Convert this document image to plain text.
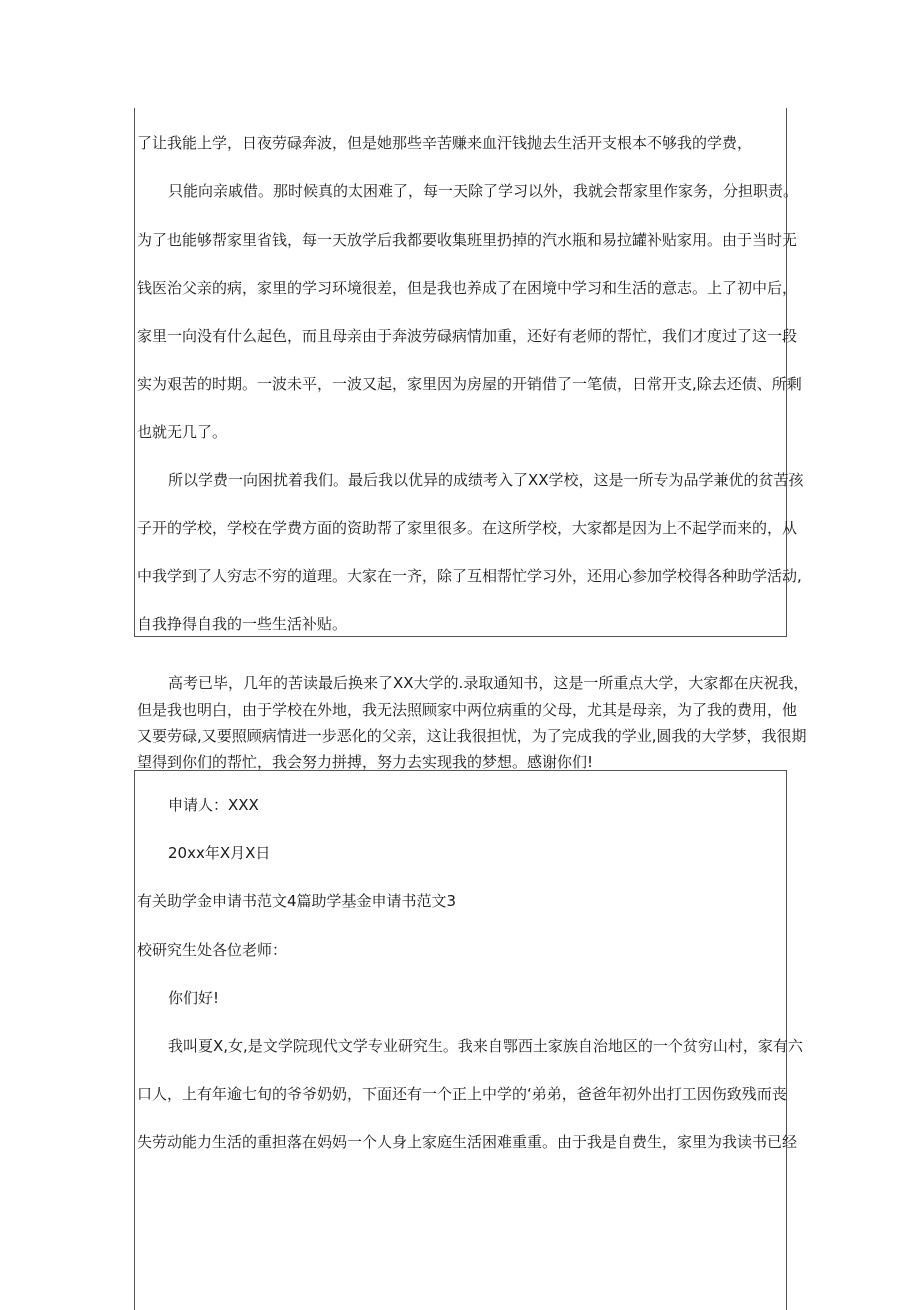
了让我能上学，日夜劳碌奔波，但是她那些辛苦赚来血汗钱抛去生活开支根本不够我的学费，
只能向亲戚借。那时候真的太困难了，每一天除了学习以外，我就会帮家里作家务，分担职责。
为了也能够帮家里省钱，每一天放学后我都要收集班里扔掉的汽水瓶和易拉罐补贴家用。由于当时无
钱医治父亲的病，家里的学习环境很差，但是我也养成了在困境中学习和生活的意志。上了初中后，
家里一向没有什么起色，而且母亲由于奔波劳碌病情加重，还好有老师的帮忙，我们才度过了这一段
实为艰苦的时期。一波未平，一波又起，家里因为房屋的开销借了一笔债，日常开支,除去还债、所剩
也就无几了。
所以学费一向困扰着我们。最后我以优异的成绩考入了XX学校，这是一所专为品学兼优的贫苦孩
子开的学校，学校在学费方面的资助帮了家里很多。在这所学校，大家都是因为上不起学而来的，从
中我学到了人穷志不穷的道理。大家在一齐，除了互相帮忙学习外，还用心参加学校得各种助学活动,
自我挣得自我的一些生活补贴。
高考已毕，几年的苦读最后换来了XX大学的.录取通知书，这是一所重点大学，大家都在庆祝我，
但是我也明白，由于学校在外地，我无法照顾家中两位病重的父母，尤其是母亲，为了我的费用，他
又要劳碌,又要照顾病情进一步恶化的父亲，这让我很担忧，为了完成我的学业,圆我的大学梦，我很期
望得到你们的帮忙，我会努力拼搏，努力去实现我的梦想。感谢你们!
申请人：XXX
20xx年X月X日
有关助学金申请书范文4篇助学基金申请书范文3
校研究生处各位老师：
你们好!
我叫夏X,女,是文学院现代文学专业研究生。我来自鄂西土家族自治地区的一个贫穷山村，家有六
口人，上有年逾七旬的爷爷奶奶，下面还有一个正上中学的‘弟弟，爸爸年初外出打工因伤致残而丧
失劳动能力生活的重担落在妈妈一个人身上家庭生活困难重重。由于我是自费生，家里为我读书已经
